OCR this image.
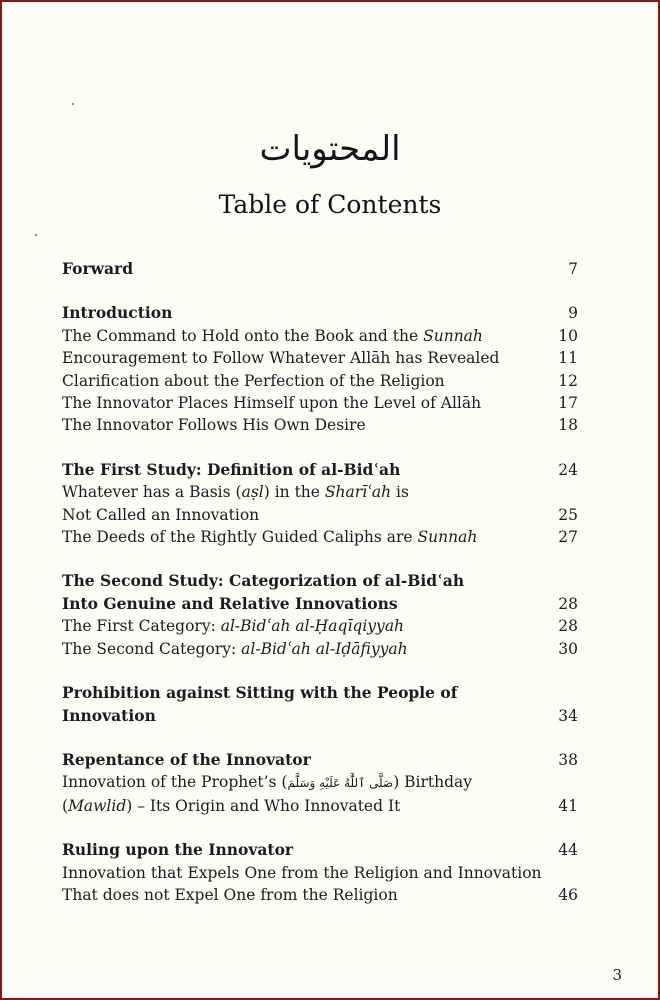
المحتويات
Table of Contents
Forward	7
Introduction	9
The Command to Hold onto the Book and the Sunnah	10
Encouragement to Follow Whatever Allāh has Revealed	11
Clarification about the Perfection of the Religion	12
The Innovator Places Himself upon the Level of Allāh	17
The Innovator Follows His Own Desire	18
The First Study: Definition of al-Bidʿah	24
Whatever has a Basis (aṣl) in the Sharīʿah is
Not Called an Innovation	25
The Deeds of the Rightly Guided Caliphs are Sunnah	27
The Second Study: Categorization of al-Bidʿah
Into Genuine and Relative Innovations	28
The First Category: al-Bidʿah al-Ḥaqīqiyyah	28
The Second Category: al-Bidʿah al-Iḍāfiyyah	30
Prohibition against Sitting with the People of
Innovation	34
Repentance of the Innovator	38
Innovation of the Prophet’s (صَلَّى ٱللَّٰهُ عَلَيْهِ وَسَلَّمَ) Birthday
(Mawlid) – Its Origin and Who Innovated It	41
Ruling upon the Innovator	44
Innovation that Expels One from the Religion and Innovation
That does not Expel One from the Religion	46
3
